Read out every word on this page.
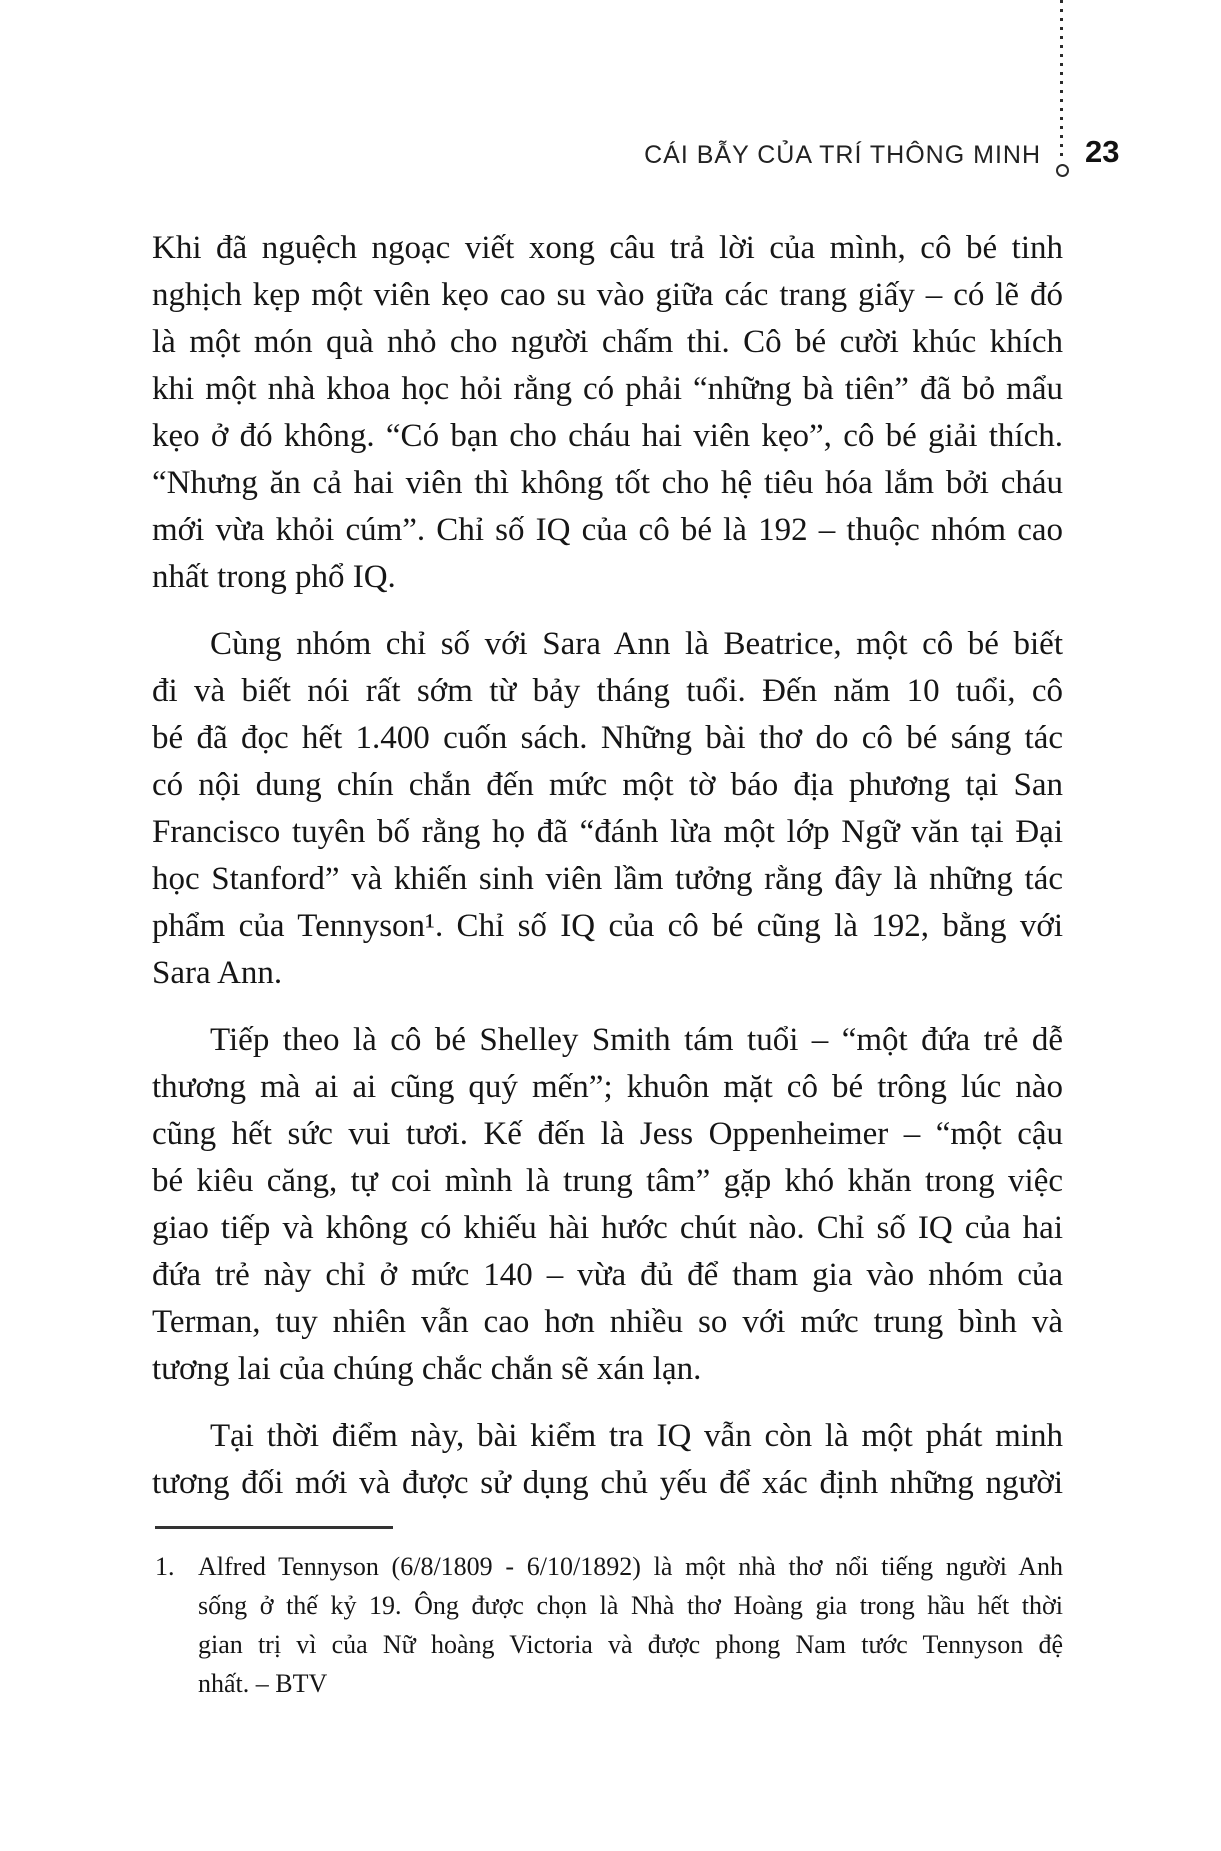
CÁI BẪY CỦA TRÍ THÔNG MINH 23
Khi đã nguệch ngoạc viết xong câu trả lời của mình, cô bé tinh
nghịch kẹp một viên kẹo cao su vào giữa các trang giấy – có lẽ đó
là một món quà nhỏ cho người chấm thi. Cô bé cười khúc khích
khi một nhà khoa học hỏi rằng có phải “những bà tiên” đã bỏ mẩu
kẹo ở đó không. “Có bạn cho cháu hai viên kẹo”, cô bé giải thích.
“Nhưng ăn cả hai viên thì không tốt cho hệ tiêu hóa lắm bởi cháu
mới vừa khỏi cúm”. Chỉ số IQ của cô bé là 192 – thuộc nhóm cao
nhất trong phổ IQ.
Cùng nhóm chỉ số với Sara Ann là Beatrice, một cô bé biết
đi và biết nói rất sớm từ bảy tháng tuổi. Đến năm 10 tuổi, cô
bé đã đọc hết 1.400 cuốn sách. Những bài thơ do cô bé sáng tác
có nội dung chín chắn đến mức một tờ báo địa phương tại San
Francisco tuyên bố rằng họ đã “đánh lừa một lớp Ngữ văn tại Đại
học Stanford” và khiến sinh viên lầm tưởng rằng đây là những tác
phẩm của Tennyson¹. Chỉ số IQ của cô bé cũng là 192, bằng với
Sara Ann.
Tiếp theo là cô bé Shelley Smith tám tuổi – “một đứa trẻ dễ
thương mà ai ai cũng quý mến”; khuôn mặt cô bé trông lúc nào
cũng hết sức vui tươi. Kế đến là Jess Oppenheimer – “một cậu
bé kiêu căng, tự coi mình là trung tâm” gặp khó khăn trong việc
giao tiếp và không có khiếu hài hước chút nào. Chỉ số IQ của hai
đứa trẻ này chỉ ở mức 140 – vừa đủ để tham gia vào nhóm của
Terman, tuy nhiên vẫn cao hơn nhiều so với mức trung bình và
tương lai của chúng chắc chắn sẽ xán lạn.
Tại thời điểm này, bài kiểm tra IQ vẫn còn là một phát minh
tương đối mới và được sử dụng chủ yếu để xác định những người
1. Alfred Tennyson (6/8/1809 - 6/10/1892) là một nhà thơ nổi tiếng người Anh
sống ở thế kỷ 19. Ông được chọn là Nhà thơ Hoàng gia trong hầu hết thời
gian trị vì của Nữ hoàng Victoria và được phong Nam tước Tennyson đệ
nhất. – BTV
